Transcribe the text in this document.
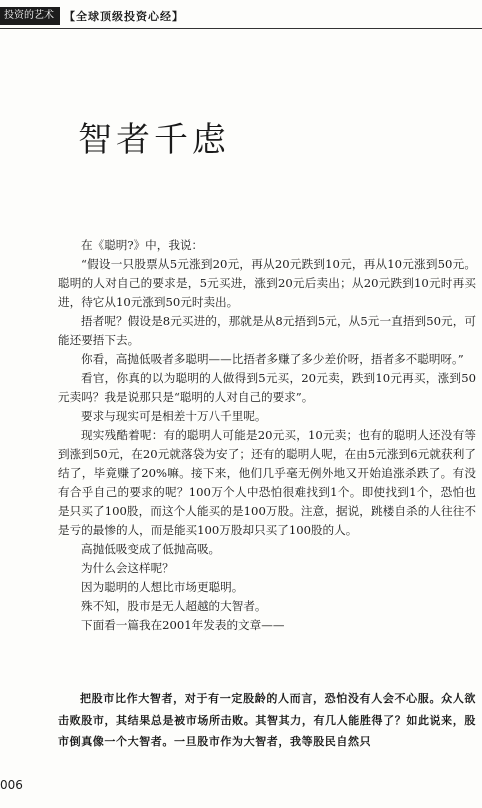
投资的艺术 【全球顶级投资心经】
智者千虑

在《聪明?》中，我说：

“假设一只股票从5元涨到20元，再从20元跌到10元，再从10元涨到50元。聪明的人对自己的要求是，5元买进，涨到20元后卖出；从20元跌到10元时再买进，待它从10元涨到50元时卖出。

捂者呢？假设是8元买进的，那就是从8元捂到5元，从5元一直捂到50元，可能还要捂下去。

你看，高抛低吸者多聪明——比捂者多赚了多少差价呀，捂者多不聪明呀。”

看官，你真的以为聪明的人做得到5元买，20元卖，跌到10元再买，涨到50元卖吗？我是说那只是“聪明的人对自己的要求”。

要求与现实可是相差十万八千里呢。

现实残酷着呢：有的聪明人可能是20元买，10元卖；也有的聪明人还没有等到涨到50元，在20元就落袋为安了；还有的聪明人呢，在由5元涨到6元就获利了结了，毕竟赚了20%嘛。接下来，他们几乎毫无例外地又开始追涨杀跌了。有没有合乎自己的要求的呢？100万个人中恐怕很难找到1个。即使找到1个，恐怕也是只买了100股，而这个人能买的是100万股。注意，据说，跳楼自杀的人往往不是亏的最惨的人，而是能买100万股却只买了100股的人。

高抛低吸变成了低抛高吸。

为什么会这样呢？

因为聪明的人想比市场更聪明。

殊不知，股市是无人超越的大智者。

下面看一篇我在2001年发表的文章——

把股市比作大智者，对于有一定股龄的人而言，恐怕没有人会不心服。众人欲击败股市，其结果总是被市场所击败。其智其力，有几人能胜得了？如此说来，股市倒真像一个大智者。一旦股市作为大智者，我等股民自然只

006
